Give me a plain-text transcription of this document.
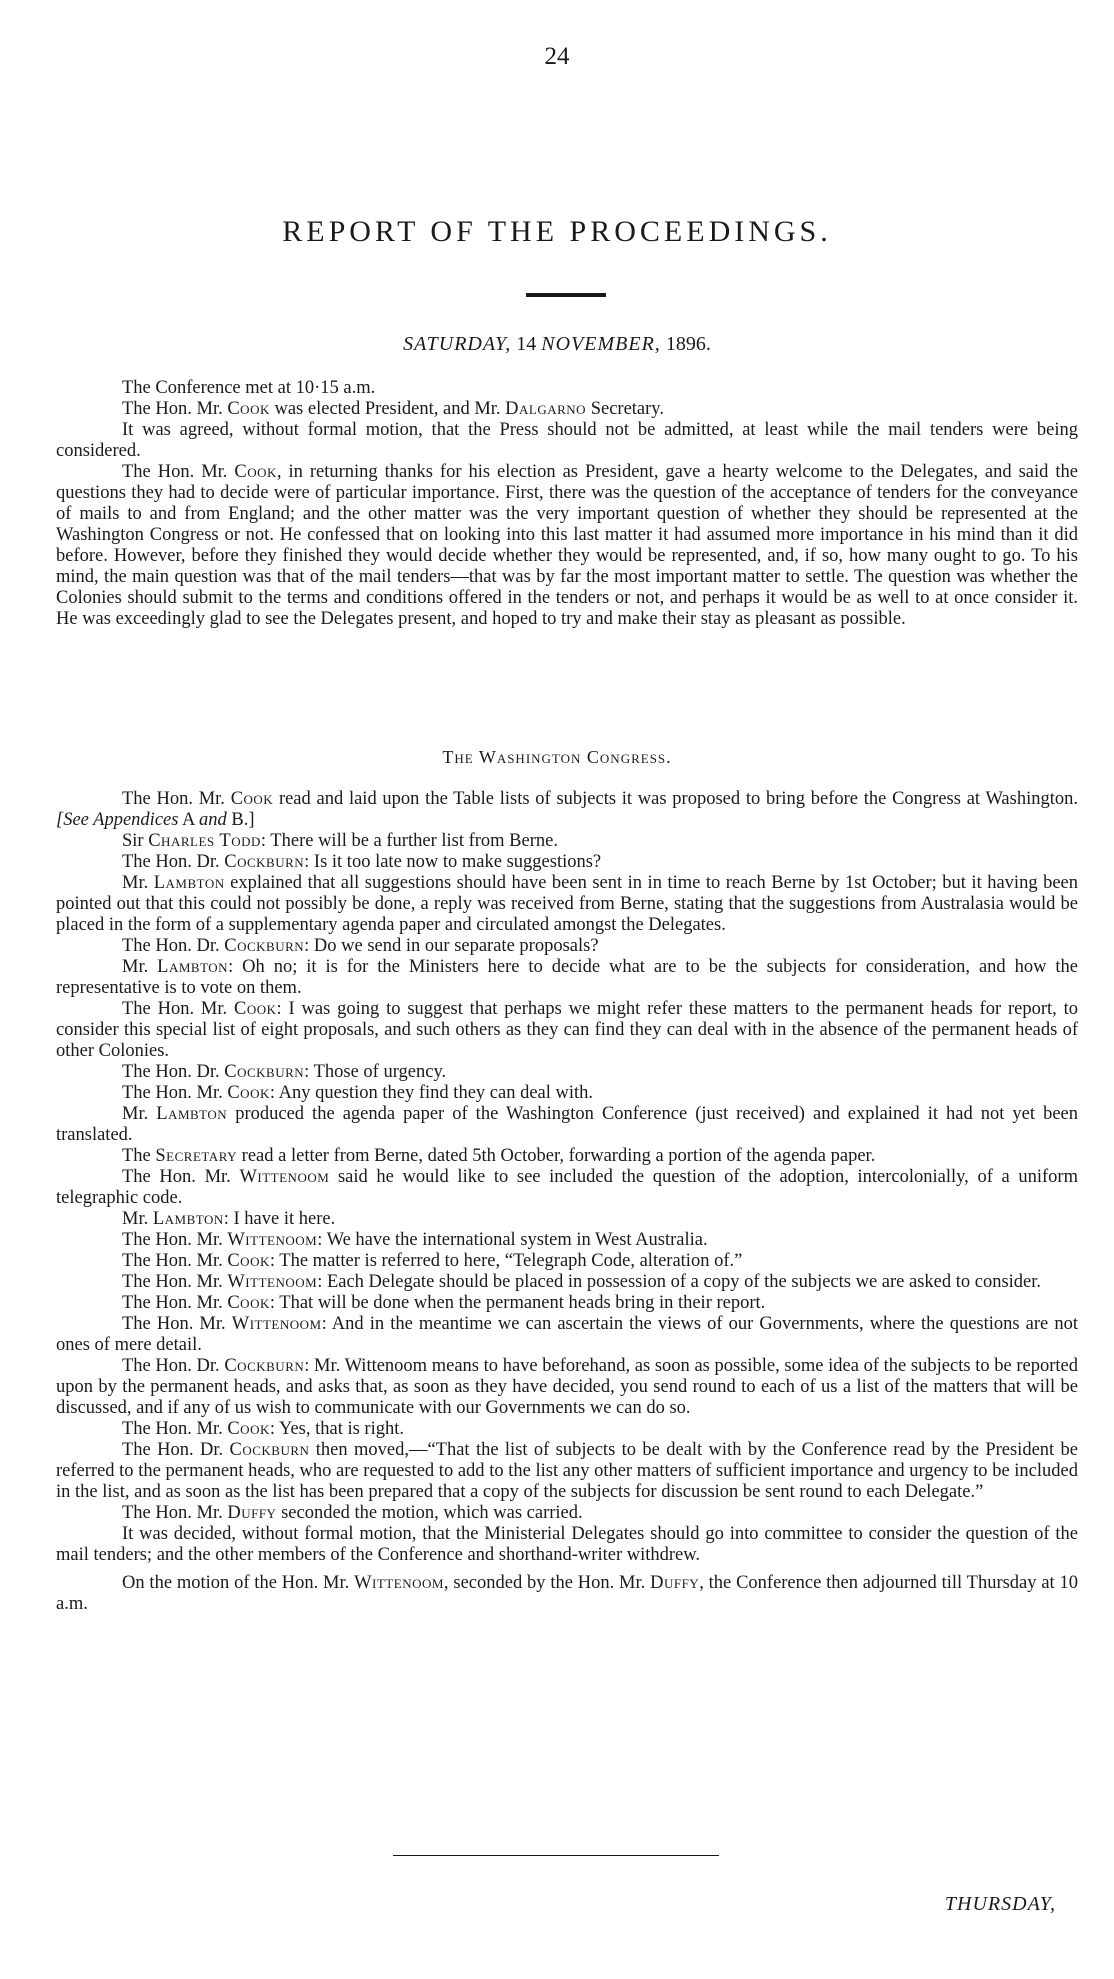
24
REPORT OF THE PROCEEDINGS.
SATURDAY, 14 NOVEMBER, 1896.

The Conference met at 10·15 a.m.

The Hon. Mr. Cook was elected President, and Mr. Dalgarno Secretary.

It was agreed, without formal motion, that the Press should not be admitted, at least while the mail tenders were being considered.

The Hon. Mr. Cook, in returning thanks for his election as President, gave a hearty welcome to the Delegates, and said the questions they had to decide were of particular importance. First, there was the question of the acceptance of tenders for the conveyance of mails to and from England; and the other matter was the very important question of whether they should be represented at the Washington Congress or not. He confessed that on looking into this last matter it had assumed more importance in his mind than it did before. However, before they finished they would decide whether they would be represented, and, if so, how many ought to go. To his mind, the main question was that of the mail tenders—that was by far the most important matter to settle. The question was whether the Colonies should submit to the terms and conditions offered in the tenders or not, and perhaps it would be as well to at once consider it. He was exceedingly glad to see the Delegates present, and hoped to try and make their stay as pleasant as possible.

The Washington Congress.

The Hon. Mr. Cook read and laid upon the Table lists of subjects it was proposed to bring before the Congress at Washington. [See Appendices A and B.]

Sir Charles Todd: There will be a further list from Berne.

The Hon. Dr. Cockburn: Is it too late now to make suggestions?

Mr. Lambton explained that all suggestions should have been sent in in time to reach Berne by 1st October; but it having been pointed out that this could not possibly be done, a reply was received from Berne, stating that the suggestions from Australasia would be placed in the form of a supplementary agenda paper and circulated amongst the Delegates.

The Hon. Dr. Cockburn: Do we send in our separate proposals?

Mr. Lambton: Oh no; it is for the Ministers here to decide what are to be the subjects for consideration, and how the representative is to vote on them.

The Hon. Mr. Cook: I was going to suggest that perhaps we might refer these matters to the permanent heads for report, to consider this special list of eight proposals, and such others as they can find they can deal with in the absence of the permanent heads of other Colonies.

The Hon. Dr. Cockburn: Those of urgency.

The Hon. Mr. Cook: Any question they find they can deal with.

Mr. Lambton produced the agenda paper of the Washington Conference (just received) and explained it had not yet been translated.

The Secretary read a letter from Berne, dated 5th October, forwarding a portion of the agenda paper.

The Hon. Mr. Wittenoom said he would like to see included the question of the adoption, intercolonially, of a uniform telegraphic code.

Mr. Lambton: I have it here.

The Hon. Mr. Wittenoom: We have the international system in West Australia.

The Hon. Mr. Cook: The matter is referred to here, “Telegraph Code, alteration of.”

The Hon. Mr. Wittenoom: Each Delegate should be placed in possession of a copy of the subjects we are asked to consider.

The Hon. Mr. Cook: That will be done when the permanent heads bring in their report.

The Hon. Mr. Wittenoom: And in the meantime we can ascertain the views of our Governments, where the questions are not ones of mere detail.

The Hon. Dr. Cockburn: Mr. Wittenoom means to have beforehand, as soon as possible, some idea of the subjects to be reported upon by the permanent heads, and asks that, as soon as they have decided, you send round to each of us a list of the matters that will be discussed, and if any of us wish to communicate with our Governments we can do so.

The Hon. Mr. Cook: Yes, that is right.

The Hon. Dr. Cockburn then moved,—“That the list of subjects to be dealt with by the Conference read by the President be referred to the permanent heads, who are requested to add to the list any other matters of sufficient importance and urgency to be included in the list, and as soon as the list has been prepared that a copy of the subjects for discussion be sent round to each Delegate.”

The Hon. Mr. Duffy seconded the motion, which was carried.

It was decided, without formal motion, that the Ministerial Delegates should go into committee to consider the question of the mail tenders; and the other members of the Conference and shorthand-writer withdrew.

On the motion of the Hon. Mr. Wittenoom, seconded by the Hon. Mr. Duffy, the Conference then adjourned till Thursday at 10 a.m.

THURSDAY,
